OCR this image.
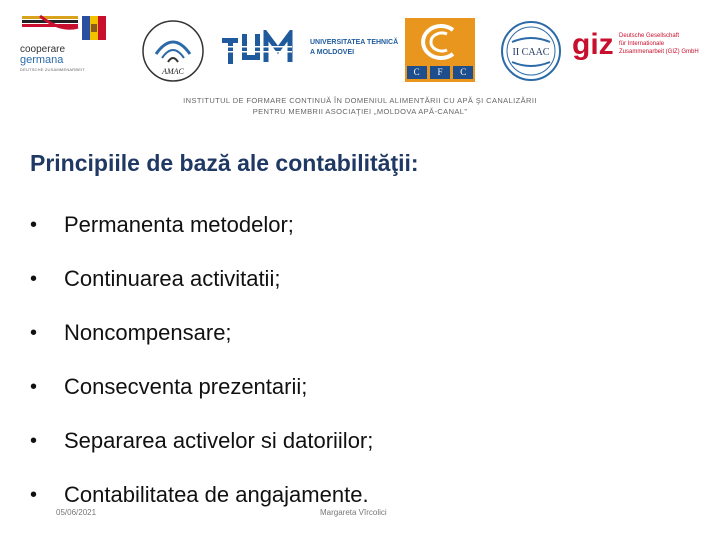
cooperare
germana
DEUTSCHE ZUSAMMENARBEIT	AMAC
UNIVERSITATEA TEHNICĂ
A MOLDOVEI
C	F	C
II CAAC giz Deutsche Gesellschaft
für Internationale
Zusammenarbeit (GIZ) GmbH
INSTITUTUL DE FORMARE CONTINUĂ ÎN DOMENIUL ALIMENTĂRII CU APĂ ŞI CANALIZĂRII
PENTRU MEMBRII ASOCIAŢIEI „MOLDOVA APĂ-CANAL”
Principiile de bază ale contabilităţii:
•	Permanenta metodelor;
•	Continuarea activitatii;
•	Noncompensare;
•	Consecventa prezentarii;
•	Separarea activelor si datoriilor;
•	Contabilitatea de angajamente.
05/06/2021	Margareta Vîrcolici
